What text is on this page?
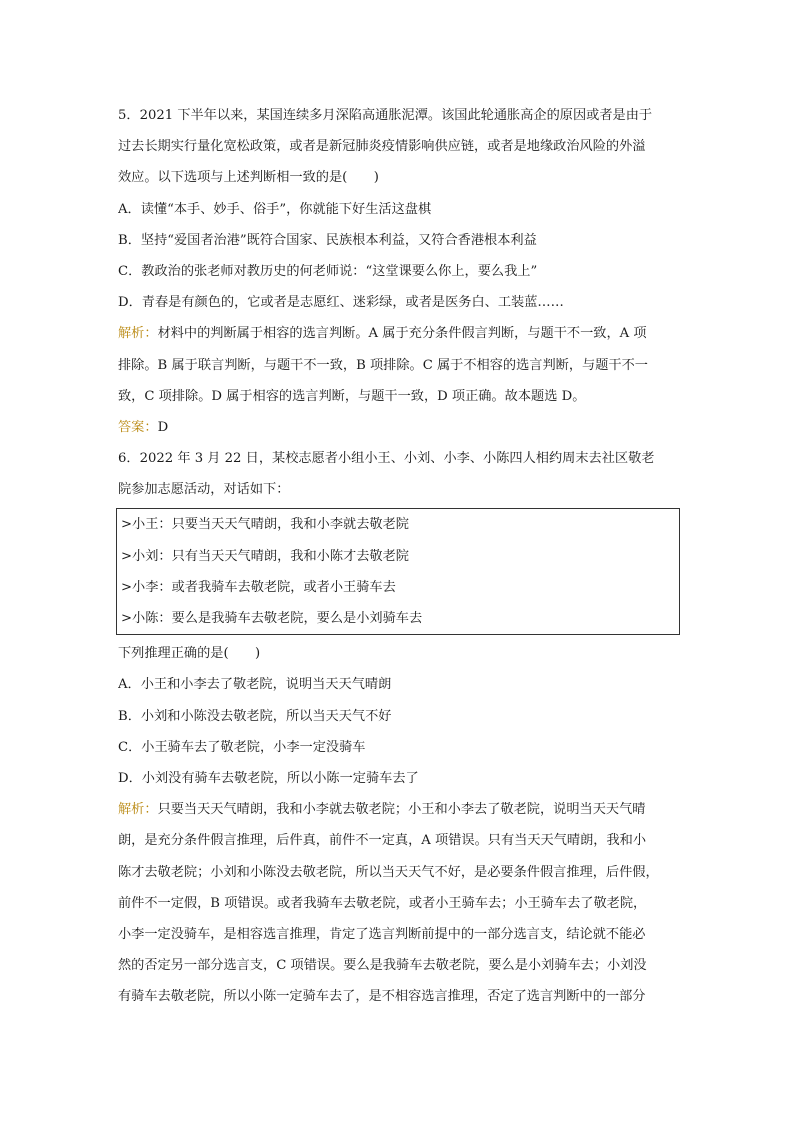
5．2021 下半年以来，某国连续多月深陷高通胀泥潭。该国此轮通胀高企的原因或者是由于
过去长期实行量化宽松政策，或者是新冠肺炎疫情影响供应链，或者是地缘政治风险的外溢
效应。以下选项与上述判断相一致的是(　　)
A．读懂“本手、妙手、俗手”，你就能下好生活这盘棋
B．坚持“爱国者治港”既符合国家、民族根本利益，又符合香港根本利益
C．教政治的张老师对教历史的何老师说：“这堂课要么你上，要么我上”
D．青春是有颜色的，它或者是志愿红、迷彩绿，或者是医务白、工装蓝……
解析：材料中的判断属于相容的选言判断。A 属于充分条件假言判断，与题干不一致，A 项
排除。B 属于联言判断，与题干不一致，B 项排除。C 属于不相容的选言判断，与题干不一
致，C 项排除。D 属于相容的选言判断，与题干一致，D 项正确。故本题选 D。
答案：D
6．2022 年 3 月 22 日，某校志愿者小组小王、小刘、小李、小陈四人相约周末去社区敬老
院参加志愿活动，对话如下：
>小王：只要当天天气晴朗，我和小李就去敬老院
>小刘：只有当天天气晴朗，我和小陈才去敬老院
>小李：或者我骑车去敬老院，或者小王骑车去
>小陈：要么是我骑车去敬老院，要么是小刘骑车去
下列推理正确的是(　　)
A．小王和小李去了敬老院，说明当天天气晴朗
B．小刘和小陈没去敬老院，所以当天天气不好
C．小王骑车去了敬老院，小李一定没骑车
D．小刘没有骑车去敬老院，所以小陈一定骑车去了
解析：只要当天天气晴朗，我和小李就去敬老院；小王和小李去了敬老院，说明当天天气晴
朗，是充分条件假言推理，后件真，前件不一定真，A 项错误。只有当天天气晴朗，我和小
陈才去敬老院；小刘和小陈没去敬老院，所以当天天气不好，是必要条件假言推理，后件假，
前件不一定假，B 项错误。或者我骑车去敬老院，或者小王骑车去；小王骑车去了敬老院，
小李一定没骑车，是相容选言推理，肯定了选言判断前提中的一部分选言支，结论就不能必
然的否定另一部分选言支，C 项错误。要么是我骑车去敬老院，要么是小刘骑车去；小刘没
有骑车去敬老院，所以小陈一定骑车去了，是不相容选言推理，否定了选言判断中的一部分
